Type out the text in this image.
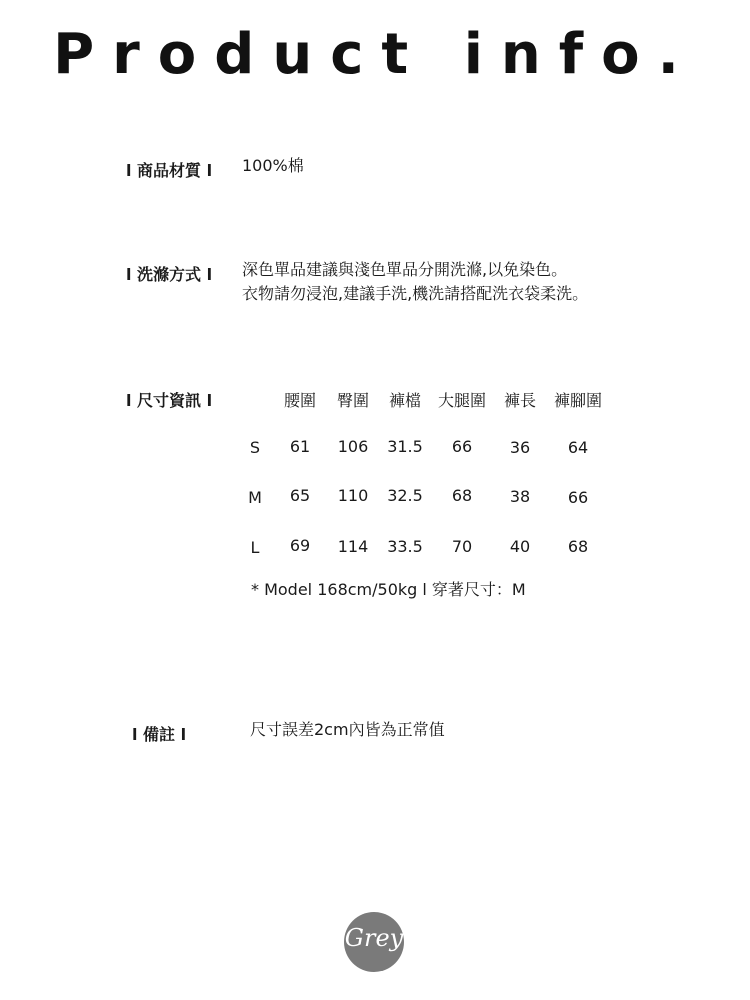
Product info.
l 商品材質 l 100%棉
l 洗滌方式 l 深色單品建議與淺色單品分開洗滌,以免染色。
衣物請勿浸泡,建議手洗,機洗請搭配洗衣袋柔洗。
l 尺寸資訊 l	腰圍	臀圍	褲檔	大腿圍	褲長	褲腳圍
S	61	106	31.5	66	36	64
M	65	110	32.5	68	38	66
L	69	114	33.5	70	40	68
* Model 168cm/50kg l 穿著尺寸：M
l 備註 l	尺寸誤差2cm內皆為正常值
Grey
